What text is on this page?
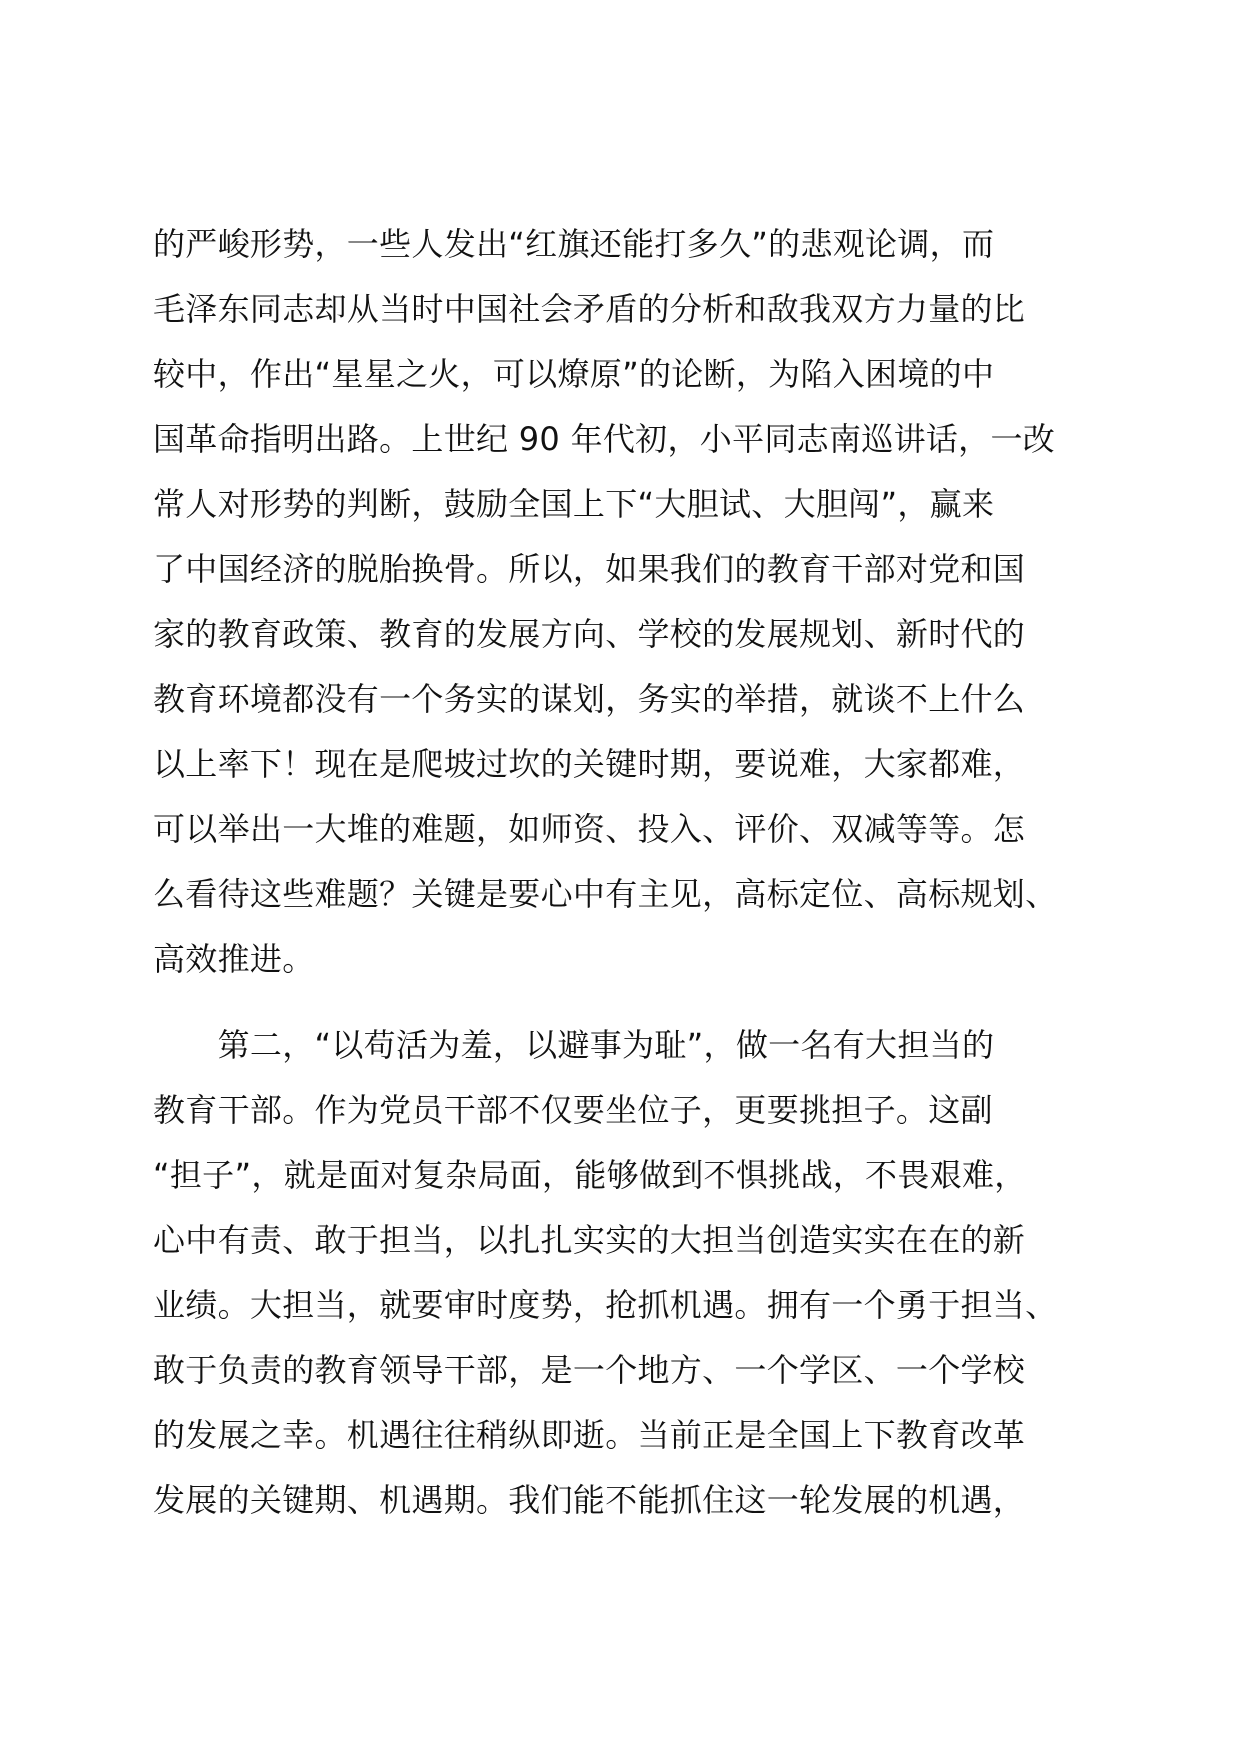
的严峻形势，一些人发出“红旗还能打多久”的悲观论调，而
毛泽东同志却从当时中国社会矛盾的分析和敌我双方力量的比
较中，作出“星星之火，可以燎原”的论断，为陷入困境的中
国革命指明出路。上世纪 90 年代初，小平同志南巡讲话，一改
常人对形势的判断，鼓励全国上下“大胆试、大胆闯”，赢来
了中国经济的脱胎换骨。所以，如果我们的教育干部对党和国
家的教育政策、教育的发展方向、学校的发展规划、新时代的
教育环境都没有一个务实的谋划，务实的举措，就谈不上什么
以上率下！现在是爬坡过坎的关键时期，要说难，大家都难，
可以举出一大堆的难题，如师资、投入、评价、双减等等。怎
么看待这些难题？关键是要心中有主见，高标定位、高标规划、
高效推进。
　　第二，“以苟活为羞，以避事为耻”，做一名有大担当的
教育干部。作为党员干部不仅要坐位子，更要挑担子。这副
“担子”，就是面对复杂局面，能够做到不惧挑战，不畏艰难，
心中有责、敢于担当，以扎扎实实的大担当创造实实在在的新
业绩。大担当，就要审时度势，抢抓机遇。拥有一个勇于担当、
敢于负责的教育领导干部，是一个地方、一个学区、一个学校
的发展之幸。机遇往往稍纵即逝。当前正是全国上下教育改革
发展的关键期、机遇期。我们能不能抓住这一轮发展的机遇，
